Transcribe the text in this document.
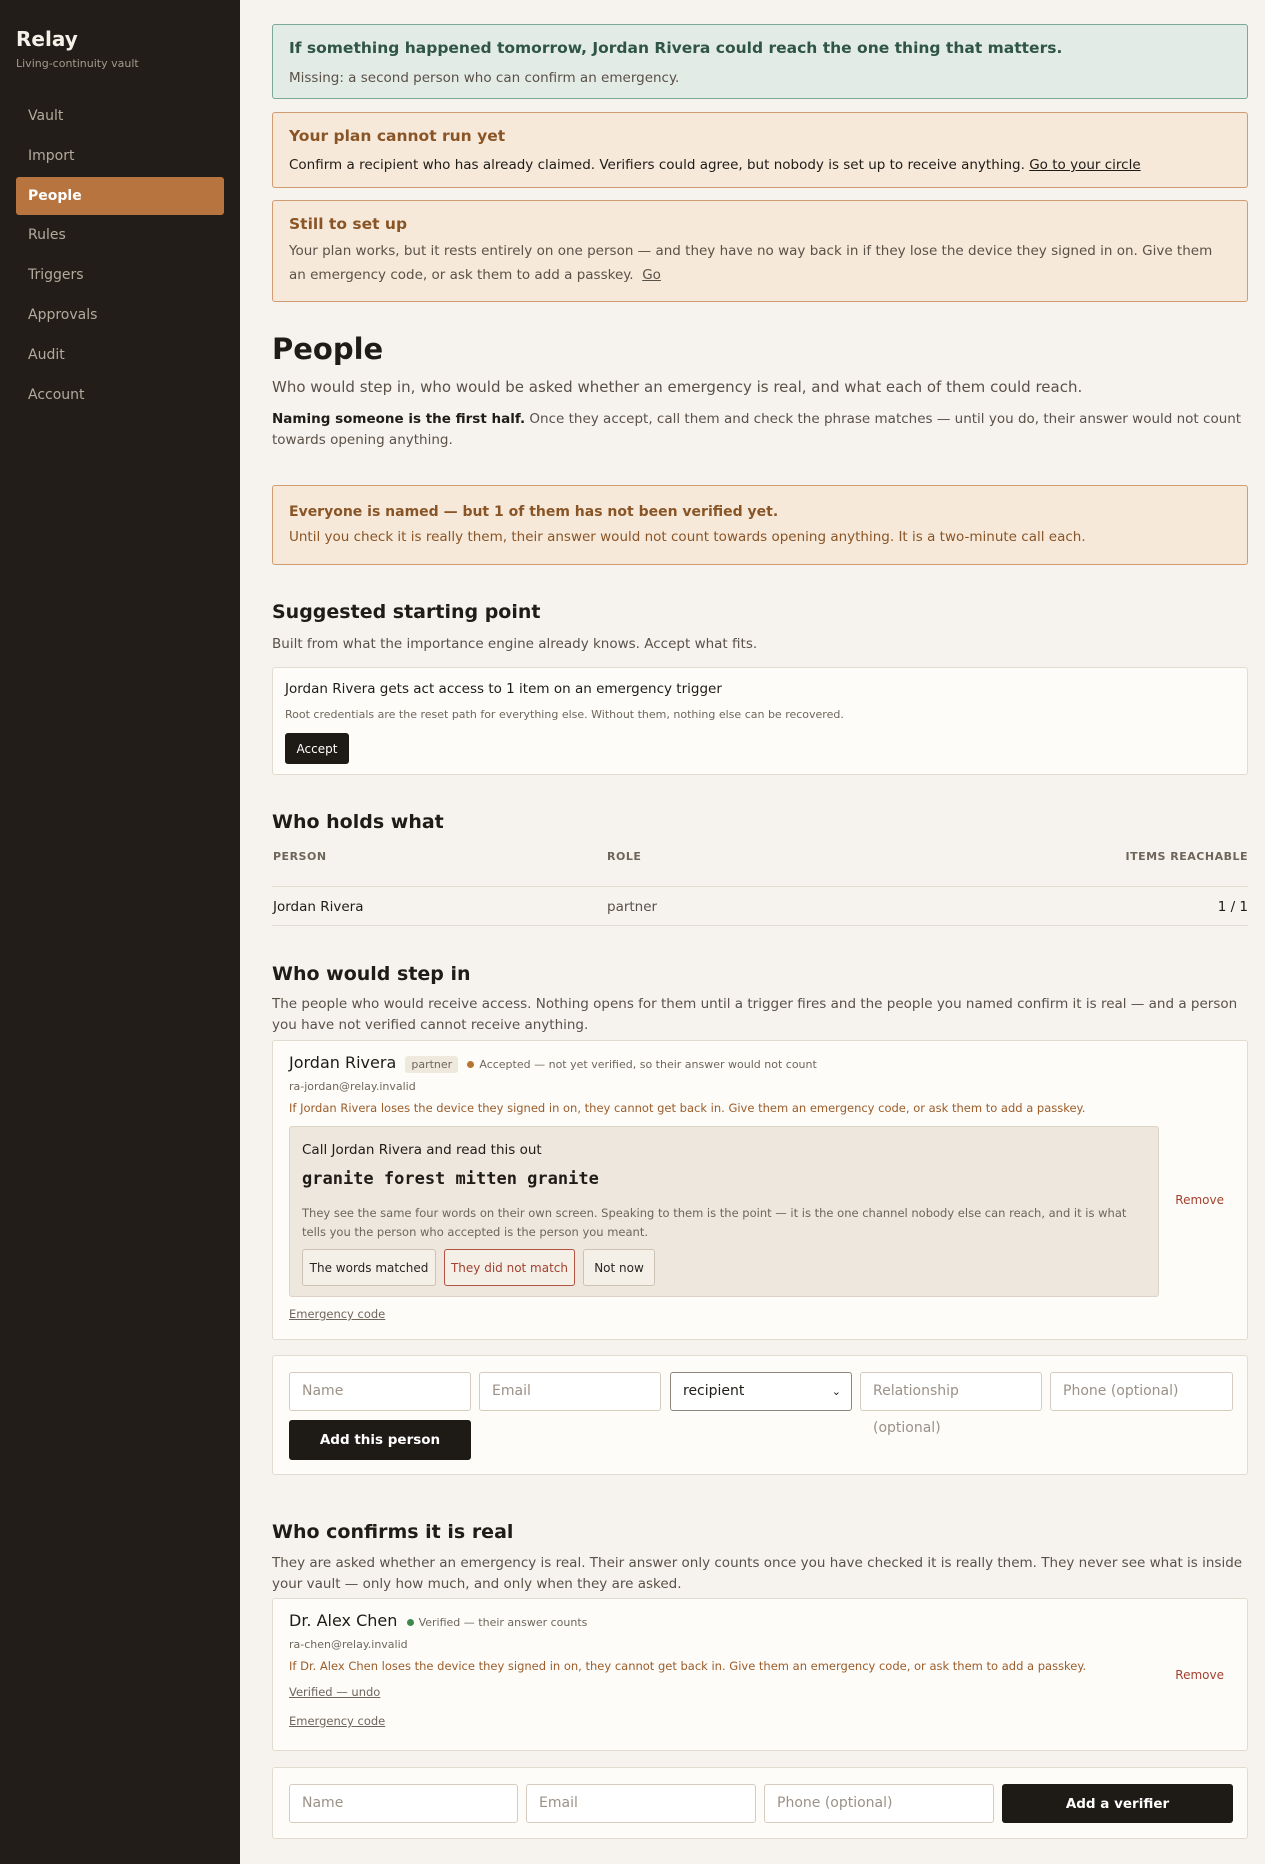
Relay
Living-continuity vault
Vault
Import
People
Rules
Triggers
Approvals
Audit
Account
If something happened tomorrow, Jordan Rivera could reach the one thing that matters.
Missing: a second person who can confirm an emergency.
Your plan cannot run yet
Confirm a recipient who has already claimed. Verifiers could agree, but nobody is set up to receive anything. Go to your circle
Still to set up
Your plan works, but it rests entirely on one person — and they have no way back in if they lose the device they signed in on. Give them an emergency code, or ask them to add a passkey. Go
People
Who would step in, who would be asked whether an emergency is real, and what each of them could reach.
Naming someone is the first half. Once they accept, call them and check the phrase matches — until you do, their answer would not count towards opening anything.
Everyone is named — but 1 of them has not been verified yet.
Until you check it is really them, their answer would not count towards opening anything. It is a two-minute call each.
Suggested starting point
Built from what the importance engine already knows. Accept what fits.
Jordan Rivera gets act access to 1 item on an emergency trigger
Root credentials are the reset path for everything else. Without them, nothing else can be recovered.
Accept
Who holds what
PERSON	ROLE	ITEMS REACHABLE
Jordan Rivera	partner	1 / 1
Who would step in
The people who would receive access. Nothing opens for them until a trigger fires and the people you named confirm it is real — and a person you have not verified cannot receive anything.
Jordan Rivera partner Accepted — not yet verified, so their answer would not count
ra-jordan@relay.invalid
If Jordan Rivera loses the device they signed in on, they cannot get back in. Give them an emergency code, or ask them to add a passkey.
Call Jordan Rivera and read this out
granite forest mitten granite
They see the same four words on their own screen. Speaking to them is the point — it is the one channel nobody else can reach, and it is what tells you the person who accepted is the person you meant.
The words matched	They did not match	Not now
Remove
Emergency code
Name	Email	recipient	⌄	Relationship (optional)
Phone (optional)
Add this person
Who confirms it is real
They are asked whether an emergency is real. Their answer only counts once you have checked it is really them. They never see what is inside your vault — only how much, and only when they are asked.
Dr. Alex Chen Verified — their answer counts
ra-chen@relay.invalid
If Dr. Alex Chen loses the device they signed in on, they cannot get back in. Give them an emergency code, or ask them to add a passkey.
Verified — undo
Emergency code
Remove
Name	Email	Phone (optional)	Add a verifier
